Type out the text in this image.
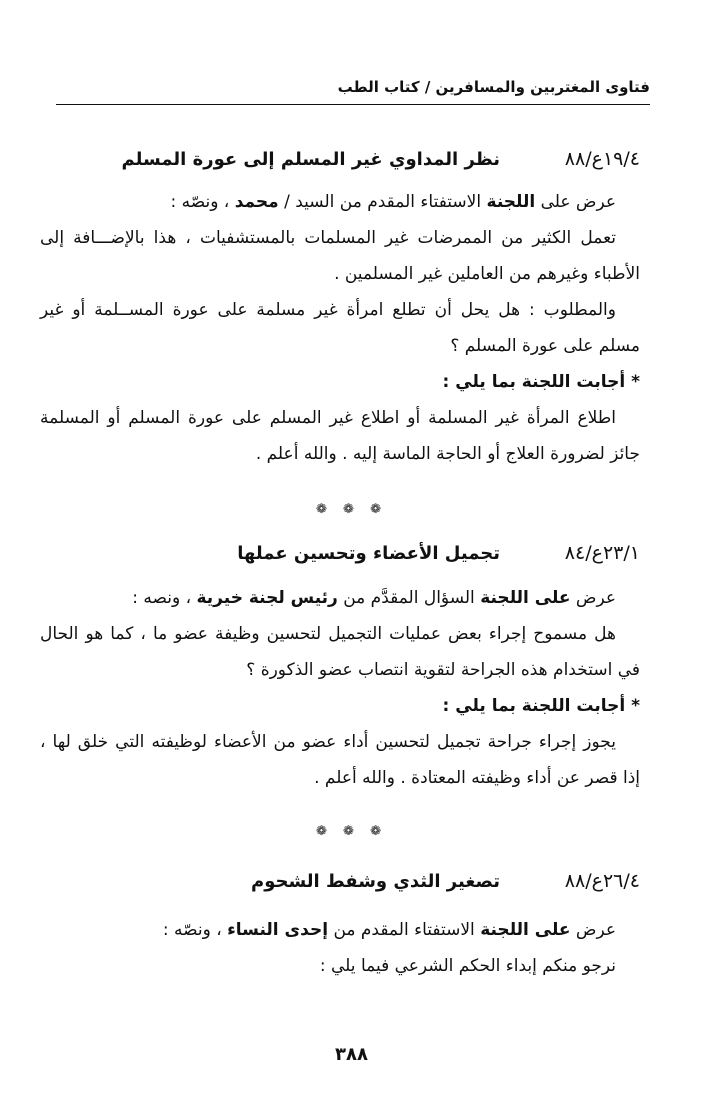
فتاوى المغتربين والمسافرين / كتاب الطب
١٩/٤ع/٨٨
نظر المداوي غير المسلم إلى عورة المسلم

عرض على اللجنة الاستفتاء المقدم من السيد / محمد ، ونصّه :

تعمل الكثير من الممرضات غير المسلمات بالمستشفيات ، هذا بالإضـــافة إلى الأطباء وغيرهم من العاملين غير المسلمين .

والمطلوب : هل يحل أن تطلع امرأة غير مسلمة على عورة المســلمة أو غير مسلم على عورة المسلم ؟

* أجابت اللجنة بما يلي :

اطلاع المرأة غير المسلمة أو اطلاع غير المسلم على عورة المسلم أو المسلمة جائز لضرورة العلاج أو الحاجة الماسة إليه . والله أعلم .

❁ ❁ ❁
٢٣/١ع/٨٤
تجميل الأعضاء وتحسين عملها

عرض على اللجنة السؤال المقدَّم من رئيس لجنة خيرية ، ونصه :

هل مسموح إجراء بعض عمليات التجميل لتحسين وظيفة عضو ما ، كما هو الحال في استخدام هذه الجراحة لتقوية انتصاب عضو الذكورة ؟

* أجابت اللجنة بما يلي :

يجوز إجراء جراحة تجميل لتحسين أداء عضو من الأعضاء لوظيفته التي خلق لها ، إذا قصر عن أداء وظيفته المعتادة . والله أعلم .

❁ ❁ ❁
٢٦/٤ع/٨٨
تصغير الثدي وشفط الشحوم

عرض على اللجنة الاستفتاء المقدم من إحدى النساء ، ونصّه :

نرجو منكم إبداء الحكم الشرعي فيما يلي :

٣٨٨
